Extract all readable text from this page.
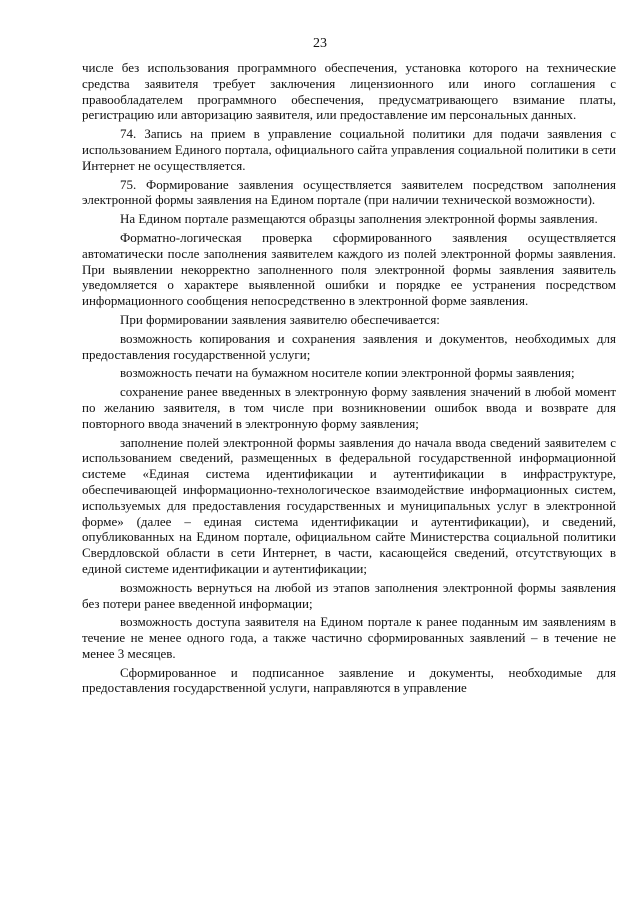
23

числе без использования программного обеспечения, установка которого на технические средства заявителя требует заключения лицензионного или иного соглашения с правообладателем программного обеспечения, предусматривающего взимание платы, регистрацию или авторизацию заявителя, или предоставление им персональных данных.

74. Запись на прием в управление социальной политики для подачи заявления с использованием Единого портала, официального сайта управления социальной политики в сети Интернет не осуществляется.

75. Формирование заявления осуществляется заявителем посредством заполнения электронной формы заявления на Едином портале (при наличии технической возможности).

На Едином портале размещаются образцы заполнения электронной формы заявления.

Форматно-логическая проверка сформированного заявления осуществляется автоматически после заполнения заявителем каждого из полей электронной формы заявления. При выявлении некорректно заполненного поля электронной формы заявления заявитель уведомляется о характере выявленной ошибки и порядке ее устранения посредством информационного сообщения непосредственно в электронной форме заявления.

При формировании заявления заявителю обеспечивается:

возможность копирования и сохранения заявления и документов, необходимых для предоставления государственной услуги;

возможность печати на бумажном носителе копии электронной формы заявления;

сохранение ранее введенных в электронную форму заявления значений в любой момент по желанию заявителя, в том числе при возникновении ошибок ввода и возврате для повторного ввода значений в электронную форму заявления;

заполнение полей электронной формы заявления до начала ввода сведений заявителем с использованием сведений, размещенных в федеральной государственной информационной системе «Единая система идентификации и аутентификации в инфраструктуре, обеспечивающей информационно-технологическое взаимодействие информационных систем, используемых для предоставления государственных и муниципальных услуг в электронной форме» (далее – единая система идентификации и аутентификации), и сведений, опубликованных на Едином портале, официальном сайте Министерства социальной политики Свердловской области в сети Интернет, в части, касающейся сведений, отсутствующих в единой системе идентификации и аутентификации;

возможность вернуться на любой из этапов заполнения электронной формы заявления без потери ранее введенной информации;

возможность доступа заявителя на Едином портале к ранее поданным им заявлениям в течение не менее одного года, а также частично сформированных заявлений – в течение не менее 3 месяцев.

Сформированное и подписанное заявление и документы, необходимые для предоставления государственной услуги, направляются в управление
